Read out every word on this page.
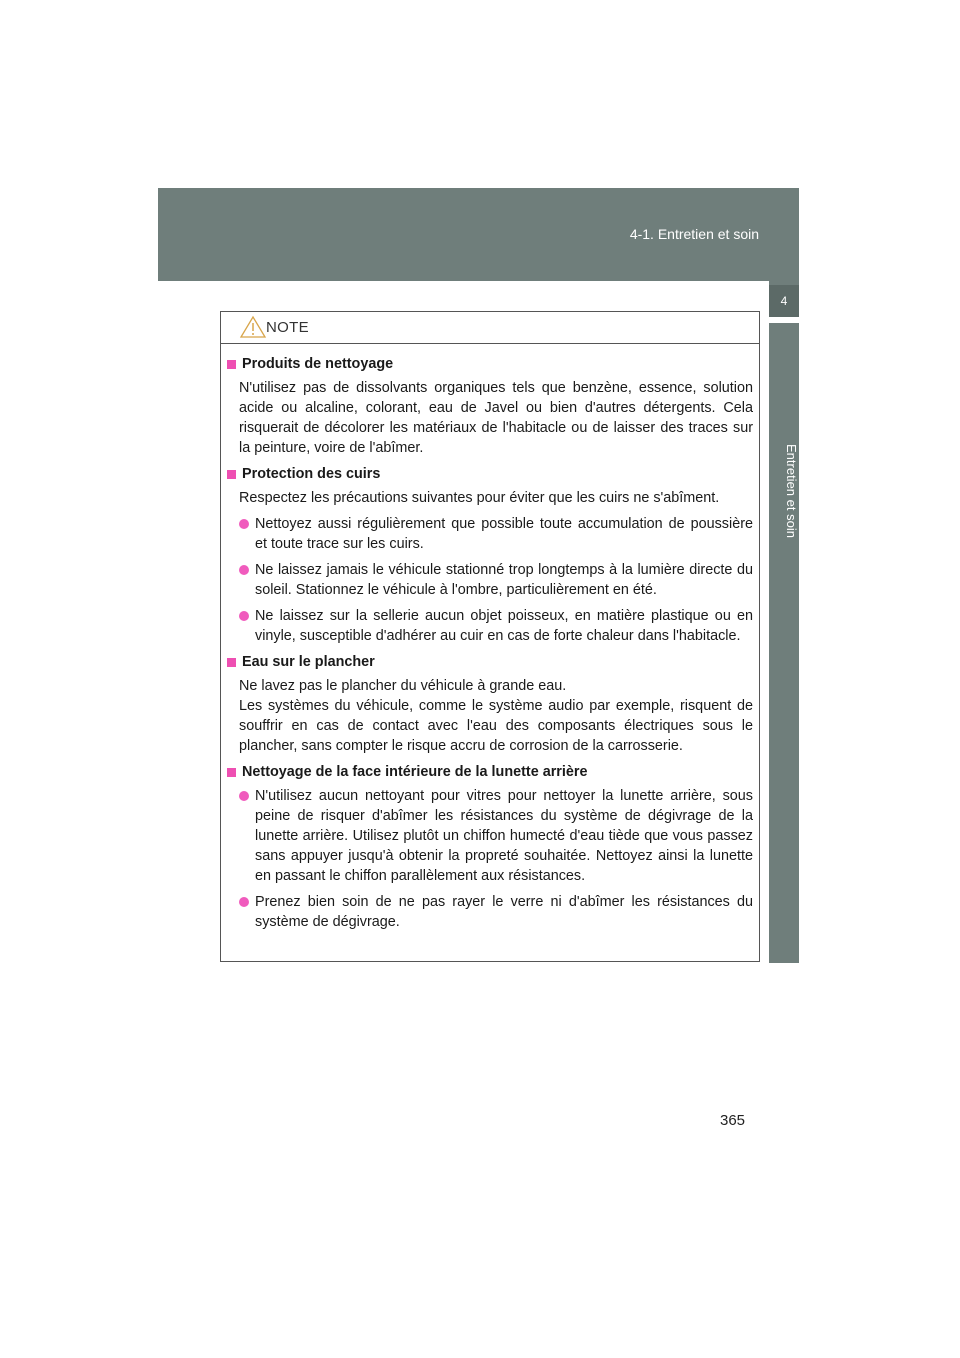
4-1. Entretien et soin
4
Entretien et soin
NOTE
Produits de nettoyage
N'utilisez pas de dissolvants organiques tels que benzène, essence, solution acide ou alcaline, colorant, eau de Javel ou bien d'autres détergents. Cela risquerait de décolorer les matériaux de l'habitacle ou de laisser des traces sur la peinture, voire de l'abîmer.
Protection des cuirs
Respectez les précautions suivantes pour éviter que les cuirs ne s'abîment.
Nettoyez aussi régulièrement que possible toute accumulation de poussière et toute trace sur les cuirs.
Ne laissez jamais le véhicule stationné trop longtemps à la lumière directe du soleil. Stationnez le véhicule à l'ombre, particulièrement en été.
Ne laissez sur la sellerie aucun objet poisseux, en matière plastique ou en vinyle, susceptible d'adhérer au cuir en cas de forte chaleur dans l'habitacle.
Eau sur le plancher
Ne lavez pas le plancher du véhicule à grande eau.
Les systèmes du véhicule, comme le système audio par exemple, risquent de souffrir en cas de contact avec l'eau des composants électriques sous le plancher, sans compter le risque accru de corrosion de la carrosserie.
Nettoyage de la face intérieure de la lunette arrière
N'utilisez aucun nettoyant pour vitres pour nettoyer la lunette arrière, sous peine de risquer d'abîmer les résistances du système de dégivrage de la lunette arrière. Utilisez plutôt un chiffon humecté d'eau tiède que vous passez sans appuyer jusqu'à obtenir la propreté souhaitée. Nettoyez ainsi la lunette en passant le chiffon parallèlement aux résistances.
Prenez bien soin de ne pas rayer le verre ni d'abîmer les résistances du système de dégivrage.
365
